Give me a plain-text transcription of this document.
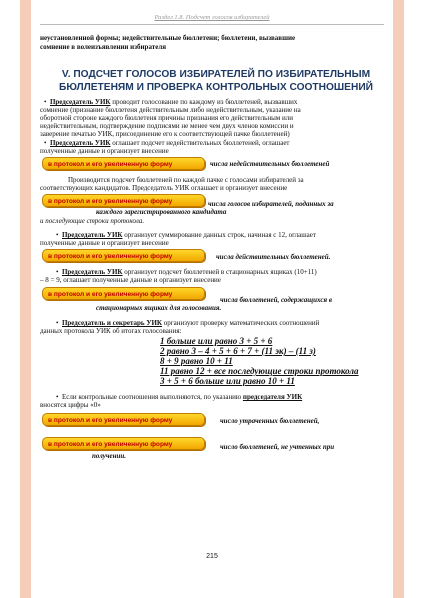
Раздел 1.8. Подсчет голосов избирателей
неустановленной формы; недействительные бюллетени; бюллетени, вызвавшие
сомнение в волеизъявлении избирателя
V. ПОДСЧЕТ ГОЛОСОВ ИЗБИРАТЕЛЕЙ ПО ИЗБИРАТЕЛЬНЫМ
БЮЛЛЕТЕНЯМ И ПРОВЕРКА КОНТРОЛЬНЫХ СООТНОШЕНИЙ
• Председатель УИК проводит голосование по каждому из бюллетеней, вызвавших
сомнение (признание бюллетеня действительным либо недействительным, указание на
оборотной стороне каждого бюллетеня причины признания его действительным или
недействительным, подтверждение подписями не менее чем двух членов комиссии и
заверение печатью УИК, присоединение его к соответствующей пачке бюллетеней)
• Председатель УИК оглашает подсчет недействительных бюллетеней, оглашает
полученные данные и организует внесение
в протокол и его увеличенную форму	числа недействительных бюллетеней
Производится подсчет бюллетеней по каждой пачке с голосами избирателей за
соответствующих кандидатов. Председатель УИК оглашает и организует внесение
в протокол и его увеличенную форму	числа голосов избирателей, поданных за
каждого зарегистрированного кандидата
и последующие строки протокола.
• Председатель УИК организует суммирование данных строк, начиная с 12, оглашает
полученные данные и организует внесение
в протокол и его увеличенную форму	числа действительных бюллетеней.
• Председатель УИК организует подсчет бюллетеней в стационарных ящиках (10+11)
– 8 = 9, оглашает полученные данные и организует внесение
в протокол и его увеличенную форму
числа бюллетеней, содержащихся в
стационарных ящиках для голосования.
• Председатель и секретарь УИК организуют проверку математических соотношений
данных протокола УИК об итогах голосования:
1 больше или равно 3 + 5 + 6
2 равно 3 – 4 + 5 + 6 + 7 + (11 эк) – (11 з)
8 + 9 равно 10 + 11
11 равно 12 + все последующие строки протокола
3 + 5 + 6 больше или равно 10 + 11
• Если контрольные соотношения выполняются, по указанию председателя УИК
вносятся цифры «0»
в протокол и его увеличенную форму	число утраченных бюллетеней,
в протокол и его увеличенную форму	число бюллетеней, не учтенных при
получении.
215
